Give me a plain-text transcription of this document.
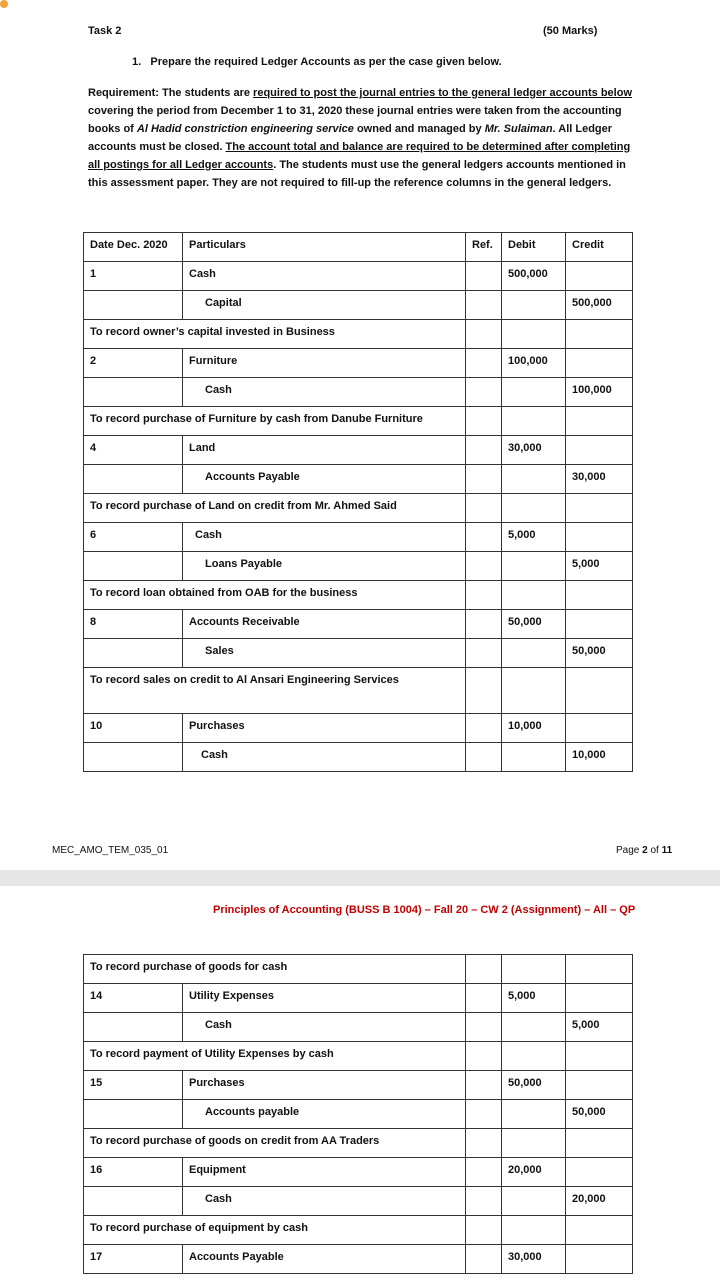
Task 2	(50 Marks)
1. Prepare the required Ledger Accounts as per the case given below.
Requirement: The students are required to post the journal entries to the general ledger accounts below
covering the period from December 1 to 31, 2020 these journal entries were taken from the accounting
books of Al Hadid constriction engineering service owned and managed by Mr. Sulaiman. All Ledger
accounts must be closed. The account total and balance are required to be determined after completing
all postings for all Ledger accounts. The students must use the general ledgers accounts mentioned in
this assessment paper. They are not required to fill-up the reference columns in the general ledgers.
Date Dec. 2020	Particulars	Ref.	Debit	Credit
1	Cash		500,000	
	Capital			500,000
To record owner’s capital invested in Business				
2	Furniture		100,000	
	Cash			100,000
To record purchase of Furniture by cash from Danube Furniture				
4	Land		30,000	
	Accounts Payable			30,000
To record purchase of Land on credit from Mr. Ahmed Said				
6	Cash		5,000	
	Loans Payable			5,000
To record loan obtained from OAB for the business				
8	Accounts Receivable		50,000	
	Sales			50,000
To record sales on credit to Al Ansari Engineering Services				
10	Purchases		10,000	
	Cash			10,000
MEC_AMO_TEM_035_01	Page 2 of 11
Principles of Accounting (BUSS B 1004) – Fall 20 – CW 2 (Assignment) – All – QP
To record purchase of goods for cash				
14	Utility Expenses		5,000	
	Cash			5,000
To record payment of Utility Expenses by cash				
15	Purchases		50,000	
	Accounts payable			50,000
To record purchase of goods on credit from AA Traders				
16	Equipment		20,000	
	Cash			20,000
To record purchase of equipment by cash				
17	Accounts Payable		30,000	
